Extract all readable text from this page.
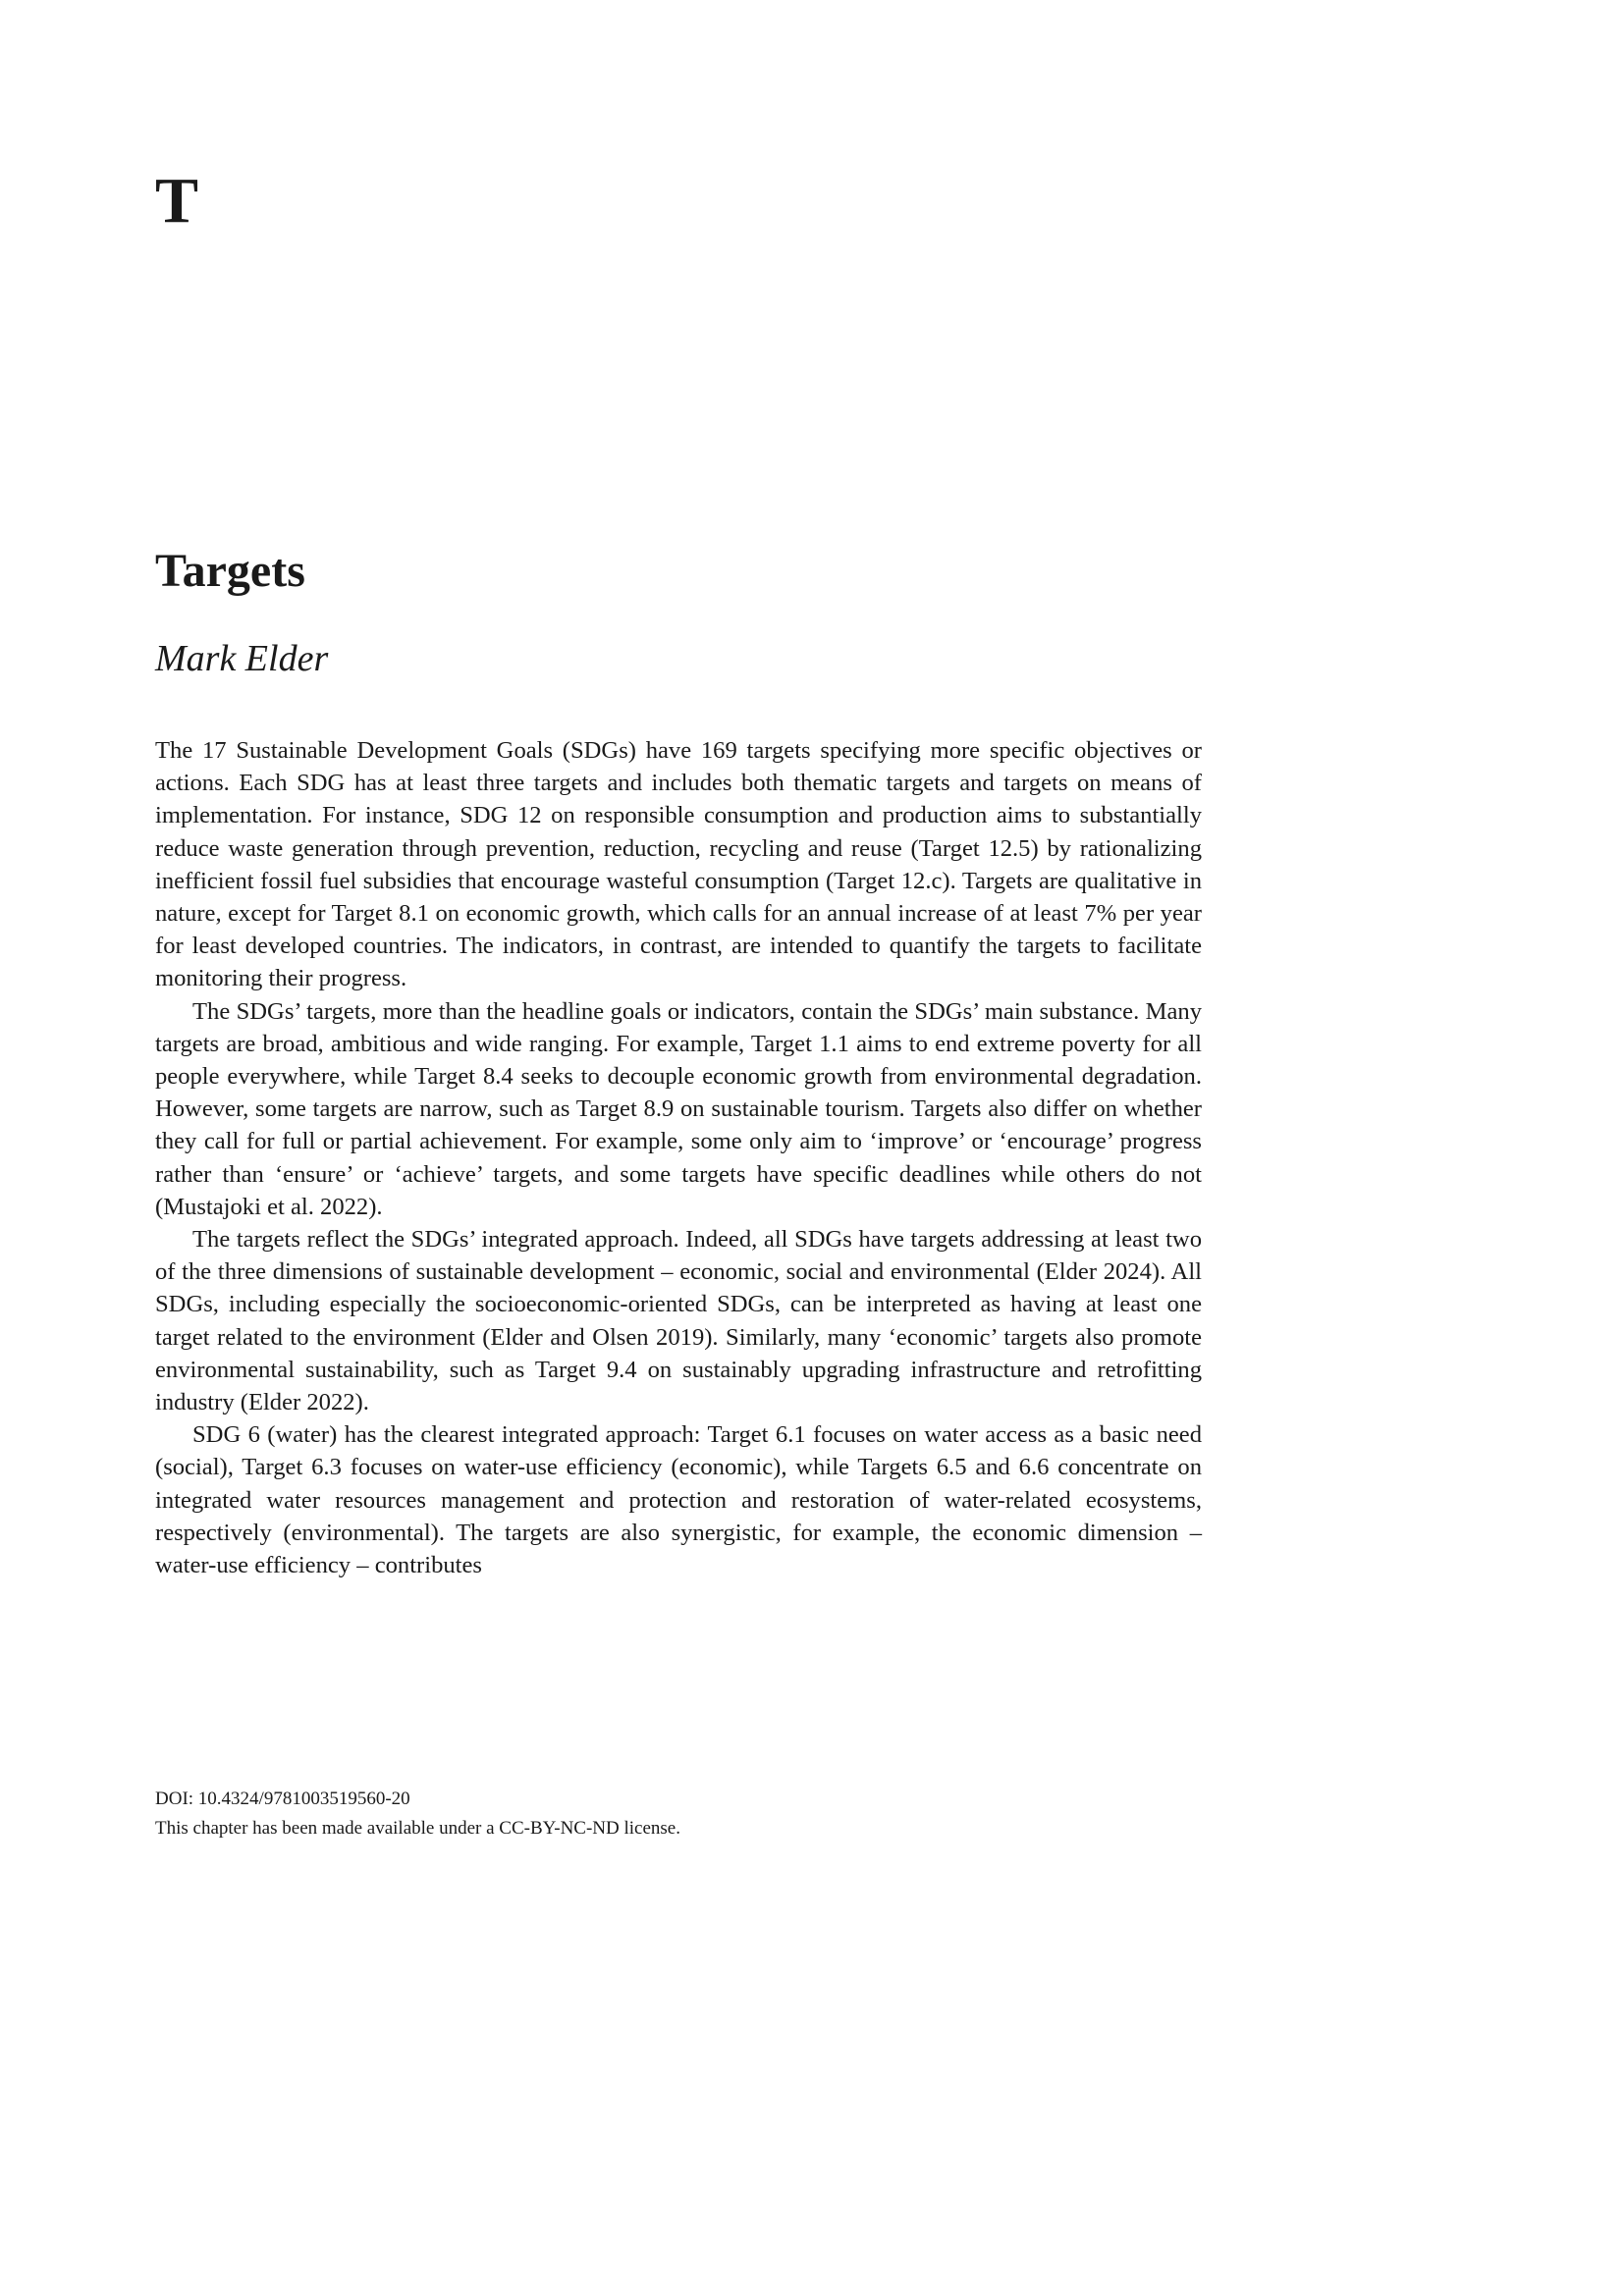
T
Targets
Mark Elder

The 17 Sustainable Development Goals (SDGs) have 169 targets specifying more specific objectives or actions. Each SDG has at least three targets and includes both thematic targets and targets on means of implementation. For instance, SDG 12 on responsible consumption and production aims to substantially reduce waste generation through prevention, reduction, recycling and reuse (Target 12.5) by rationalizing inefficient fossil fuel subsidies that encourage wasteful consumption (Target 12.c). Targets are qualitative in nature, except for Target 8.1 on economic growth, which calls for an annual increase of at least 7% per year for least developed countries. The indicators, in contrast, are intended to quantify the targets to facilitate monitoring their progress.

The SDGs’ targets, more than the headline goals or indicators, contain the SDGs’ main substance. Many targets are broad, ambitious and wide ranging. For example, Target 1.1 aims to end extreme poverty for all people everywhere, while Target 8.4 seeks to decouple economic growth from environmental degradation. However, some targets are narrow, such as Target 8.9 on sustainable tourism. Targets also differ on whether they call for full or partial achievement. For example, some only aim to ‘improve’ or ‘encourage’ progress rather than ‘ensure’ or ‘achieve’ targets, and some targets have specific deadlines while others do not (Mustajoki et al. 2022).

The targets reflect the SDGs’ integrated approach. Indeed, all SDGs have targets addressing at least two of the three dimensions of sustainable development – economic, social and environmental (Elder 2024). All SDGs, including especially the socioeconomic-oriented SDGs, can be interpreted as having at least one target related to the environment (Elder and Olsen 2019). Similarly, many ‘economic’ targets also promote environmental sustainability, such as Target 9.4 on sustainably upgrading infrastructure and retrofitting industry (Elder 2022).

SDG 6 (water) has the clearest integrated approach: Target 6.1 focuses on water access as a basic need (social), Target 6.3 focuses on water-use efficiency (economic), while Targets 6.5 and 6.6 concentrate on integrated water resources management and protection and restoration of water-related ecosystems, respectively (environmental). The targets are also synergistic, for example, the economic dimension – water-use efficiency – contributes

DOI: 10.4324/9781003519560-20
This chapter has been made available under a CC-BY-NC-ND license.
